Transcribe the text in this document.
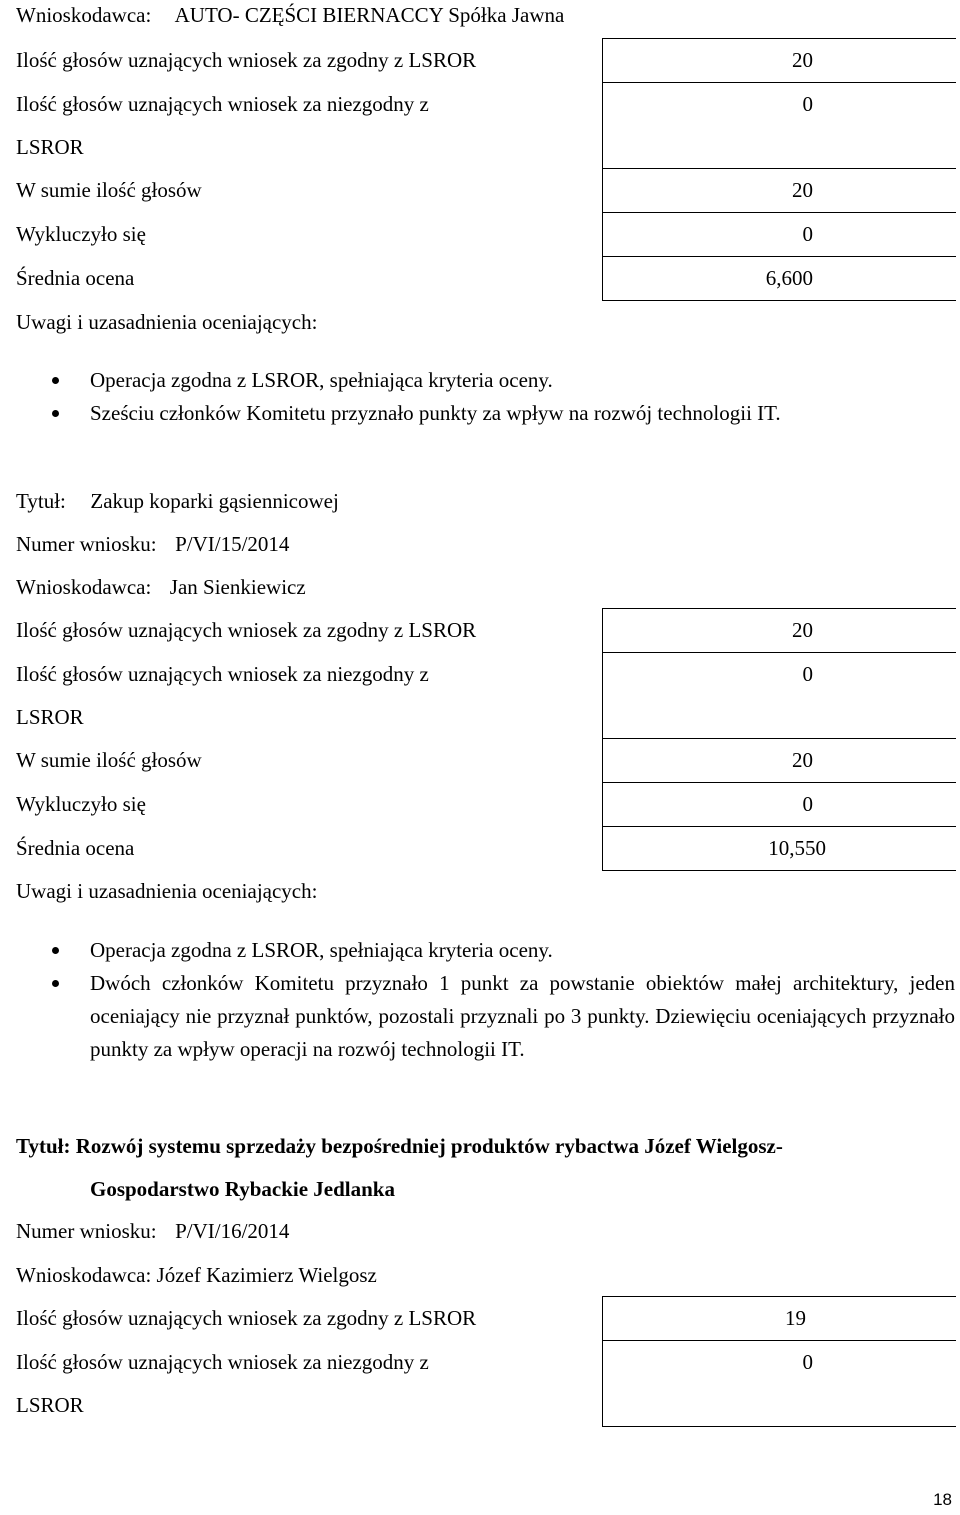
Wnioskodawca: AUTO- CZĘŚCI BIERNACCY Spółka Jawna
Ilość głosów uznających wniosek za zgodny z LSROR	20
Ilość głosów uznających wniosek za niezgodny z
LSROR	0
W sumie ilość głosów	20
Wykluczyło się	0
Średnia ocena	6,600
Uwagi i uzasadnienia oceniających:
Operacja zgodna z LSROR, spełniająca kryteria oceny.
Sześciu członków Komitetu przyznało punkty za wpływ na rozwój technologii IT.
Tytuł: Zakup koparki gąsiennicowej
Numer wniosku: P/VI/15/2014
Wnioskodawca: Jan Sienkiewicz
Ilość głosów uznających wniosek za zgodny z LSROR	20
Ilość głosów uznających wniosek za niezgodny z
LSROR	0
W sumie ilość głosów	20
Wykluczyło się	0
Średnia ocena	10,550
Uwagi i uzasadnienia oceniających:
Operacja zgodna z LSROR, spełniająca kryteria oceny.
Dwóch członków Komitetu przyznało 1 punkt za powstanie obiektów małej architektury, jeden oceniający nie przyznał punktów, pozostali przyznali po 3 punkty. Dziewięciu oceniających przyznało punkty za wpływ operacji na rozwój technologii IT.
Tytuł: Rozwój systemu sprzedaży bezpośredniej produktów rybactwa Józef Wielgosz-
Gospodarstwo Rybackie Jedlanka
Numer wniosku: P/VI/16/2014
Wnioskodawca: Józef Kazimierz Wielgosz
Ilość głosów uznających wniosek za zgodny z LSROR	19
Ilość głosów uznających wniosek za niezgodny z
LSROR	0
18
